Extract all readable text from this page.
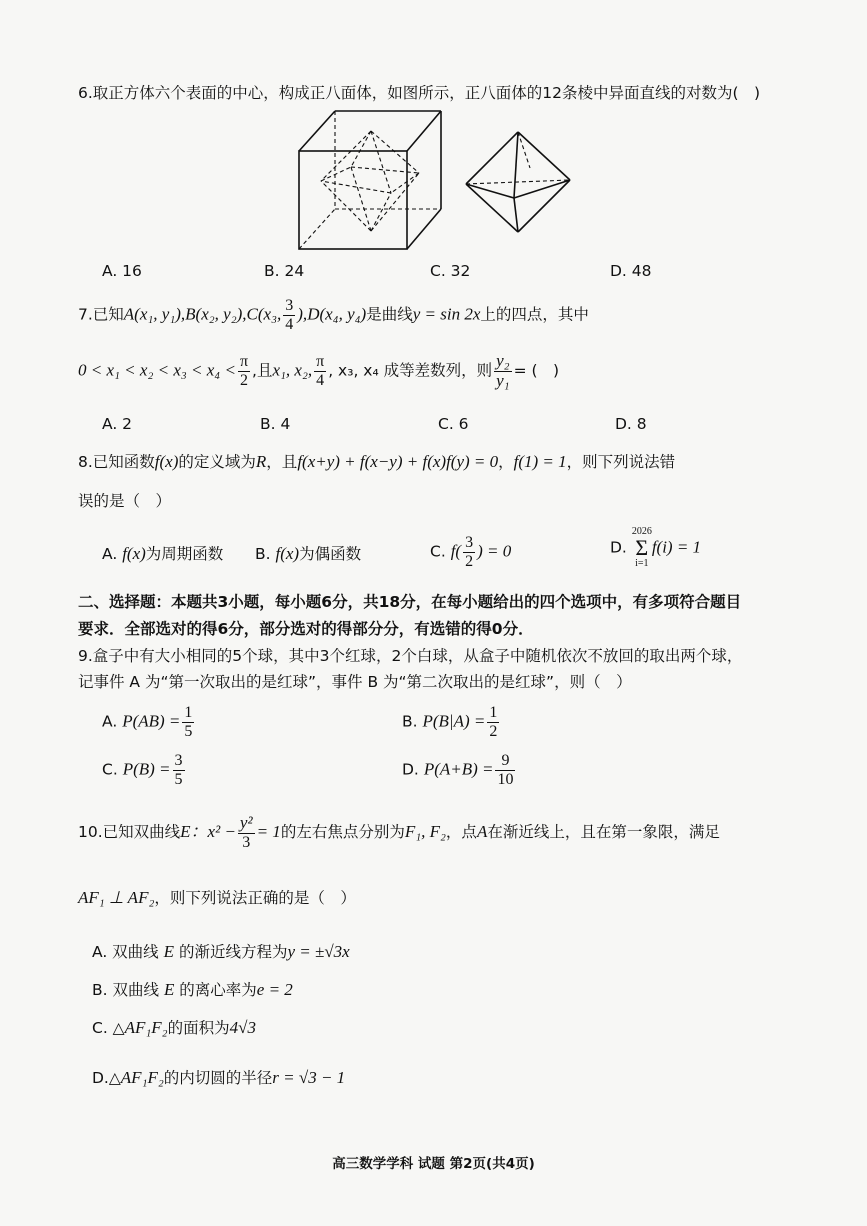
6.取正方体六个表面的中心，构成正八面体，如图所示，正八面体的12条棱中异面直线的对数为(　)
A. 16	B. 24	C. 32	D. 48
7.已知A(x₁, y₁),B(x₂, y₂),C(x₃, $\frac{3}{4} ),D(x_4$, y₄)是曲线y = sin 2x上的四点，其中
$0 < x_1 < x_2 < x_3 < x_4 < \frac{\pi}{2}$ ,且x₁, x₂, $\frac{\pi}{4}$ , x₃, x₄ 成等差数列，则 $\frac{\text{y₂}}{\text{y₁}}$ = (　)
A. 2	B. 4	C. 6	D. 8
8.已知函数f(x)的定义域为R，且f(x+y) + f(x−y) + f(x)f(y) = 0，f(1) = 1，则下列说法错
误的是（　）
A. f(x)为周期函数 B. f(x)为偶函数	C. $f( \frac{3}{2}$ ) = 0	D.
2026
Σ
i=1
f(i) = 1
二、选择题：本题共3小题，每小题6分，共18分，在每小题给出的四个选项中，有多项符合题目
要求．全部选对的得6分，部分选对的得部分分，有选错的得0分．
9.盒子中有大小相同的5个球，其中3个红球，2个白球，从盒子中随机依次不放回的取出两个球，
记事件 A 为“第一次取出的是红球”，事件 B 为“第二次取出的是红球”，则（　）
A. $P(AB) = \frac{1}{5}$	B. $P(B|A) = \frac{1}{2}$
C. $P(B) = \frac{3}{5}$	D. $P(A+B) = \frac{9}{10}$
10.已知双曲线E：$x^2 - \frac{\text{y²}}{3} = 1$的左右焦点分别为F₁, F₂，点A在渐近线上，且在第一象限，满足
AF₁ ⊥ AF₂，则下列说法正确的是（　）
A. 双曲线 E 的渐近线方程为y = ±√3x
B. 双曲线 E 的离心率为e = 2
C. △AF₁F₂的面积为4√3
D.△AF₁F₂的内切圆的半径r = √3 − 1
高三数学学科 试题 第2页(共4页)
